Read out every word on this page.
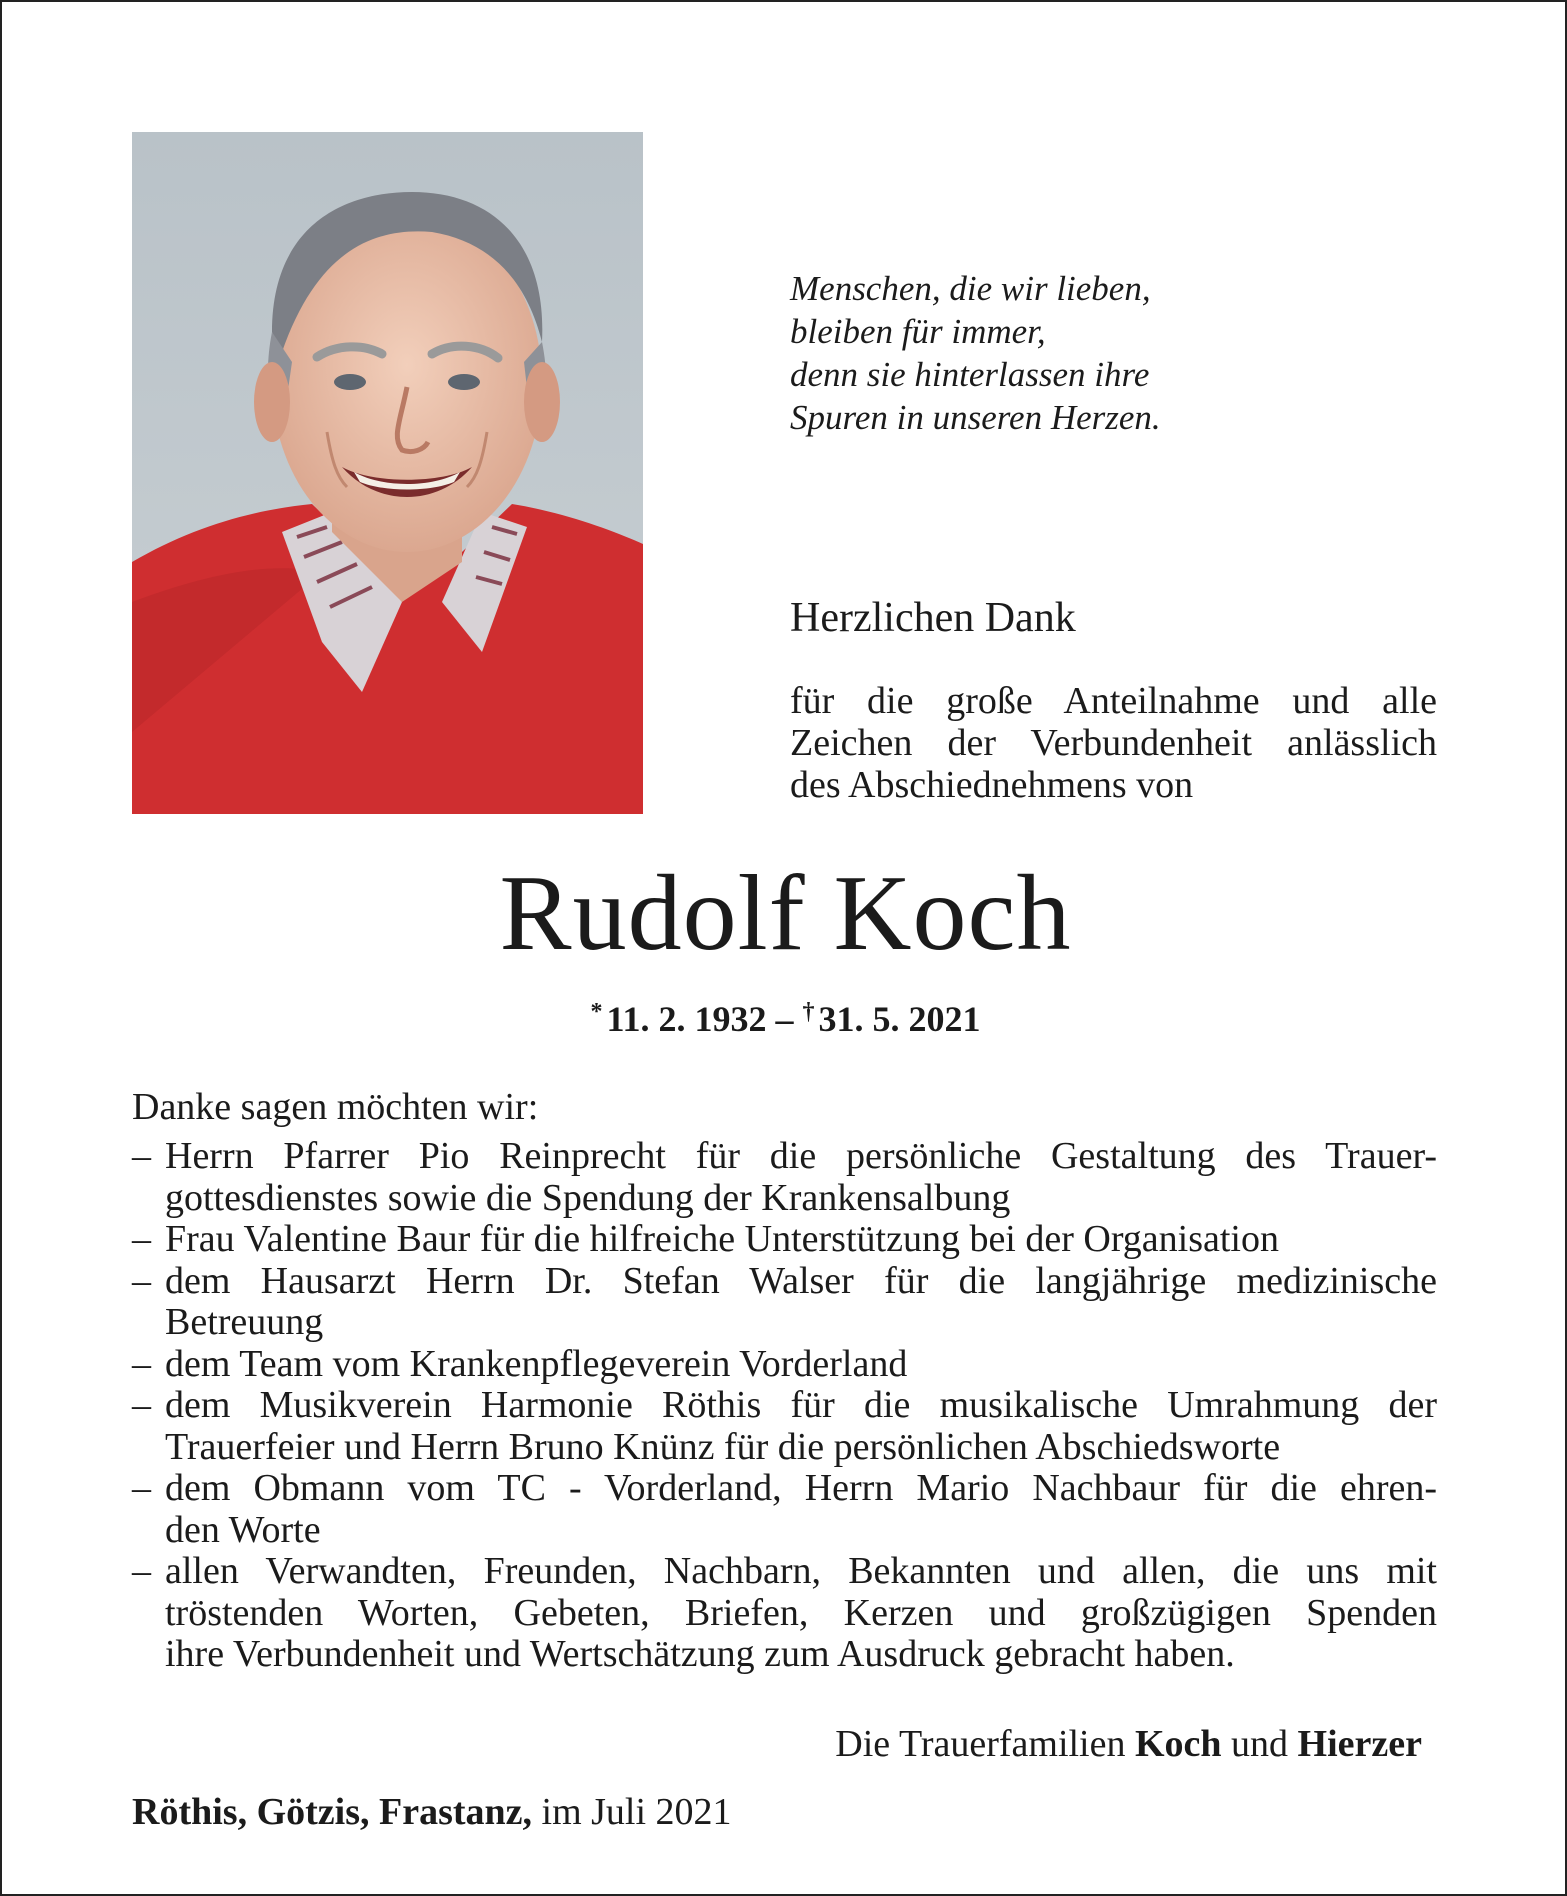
Menschen, die wir lieben,
bleiben für immer,
denn sie hinterlassen ihre
Spuren in unseren Herzen.
Herzlichen Dank
für die große Anteilnahme und alle
Zeichen der Verbundenheit anlässlich
des Abschiednehmens von
Rudolf Koch
* 11. 2. 1932 – † 31. 5. 2021
Danke sagen möchten wir:
– Herrn Pfarrer Pio Reinprecht für die persönliche Gestaltung des Trauer-
gottesdienstes sowie die Spendung der Krankensalbung
– Frau Valentine Baur für die hilfreiche Unterstützung bei der Organisation
– dem Hausarzt Herrn Dr. Stefan Walser für die langjährige medizinische
Betreuung
– dem Team vom Krankenpflegeverein Vorderland
– dem Musikverein Harmonie Röthis für die musikalische Umrahmung der
Trauerfeier und Herrn Bruno Knünz für die persönlichen Abschiedsworte
– dem Obmann vom TC - Vorderland, Herrn Mario Nachbaur für die ehren-
den Worte
– allen Verwandten, Freunden, Nachbarn, Bekannten und allen, die uns mit
tröstenden Worten, Gebeten, Briefen, Kerzen und großzügigen Spenden
ihre Verbundenheit und Wertschätzung zum Ausdruck gebracht haben.
Die Trauerfamilien Koch und Hierzer
Röthis, Götzis, Frastanz, im Juli 2021
